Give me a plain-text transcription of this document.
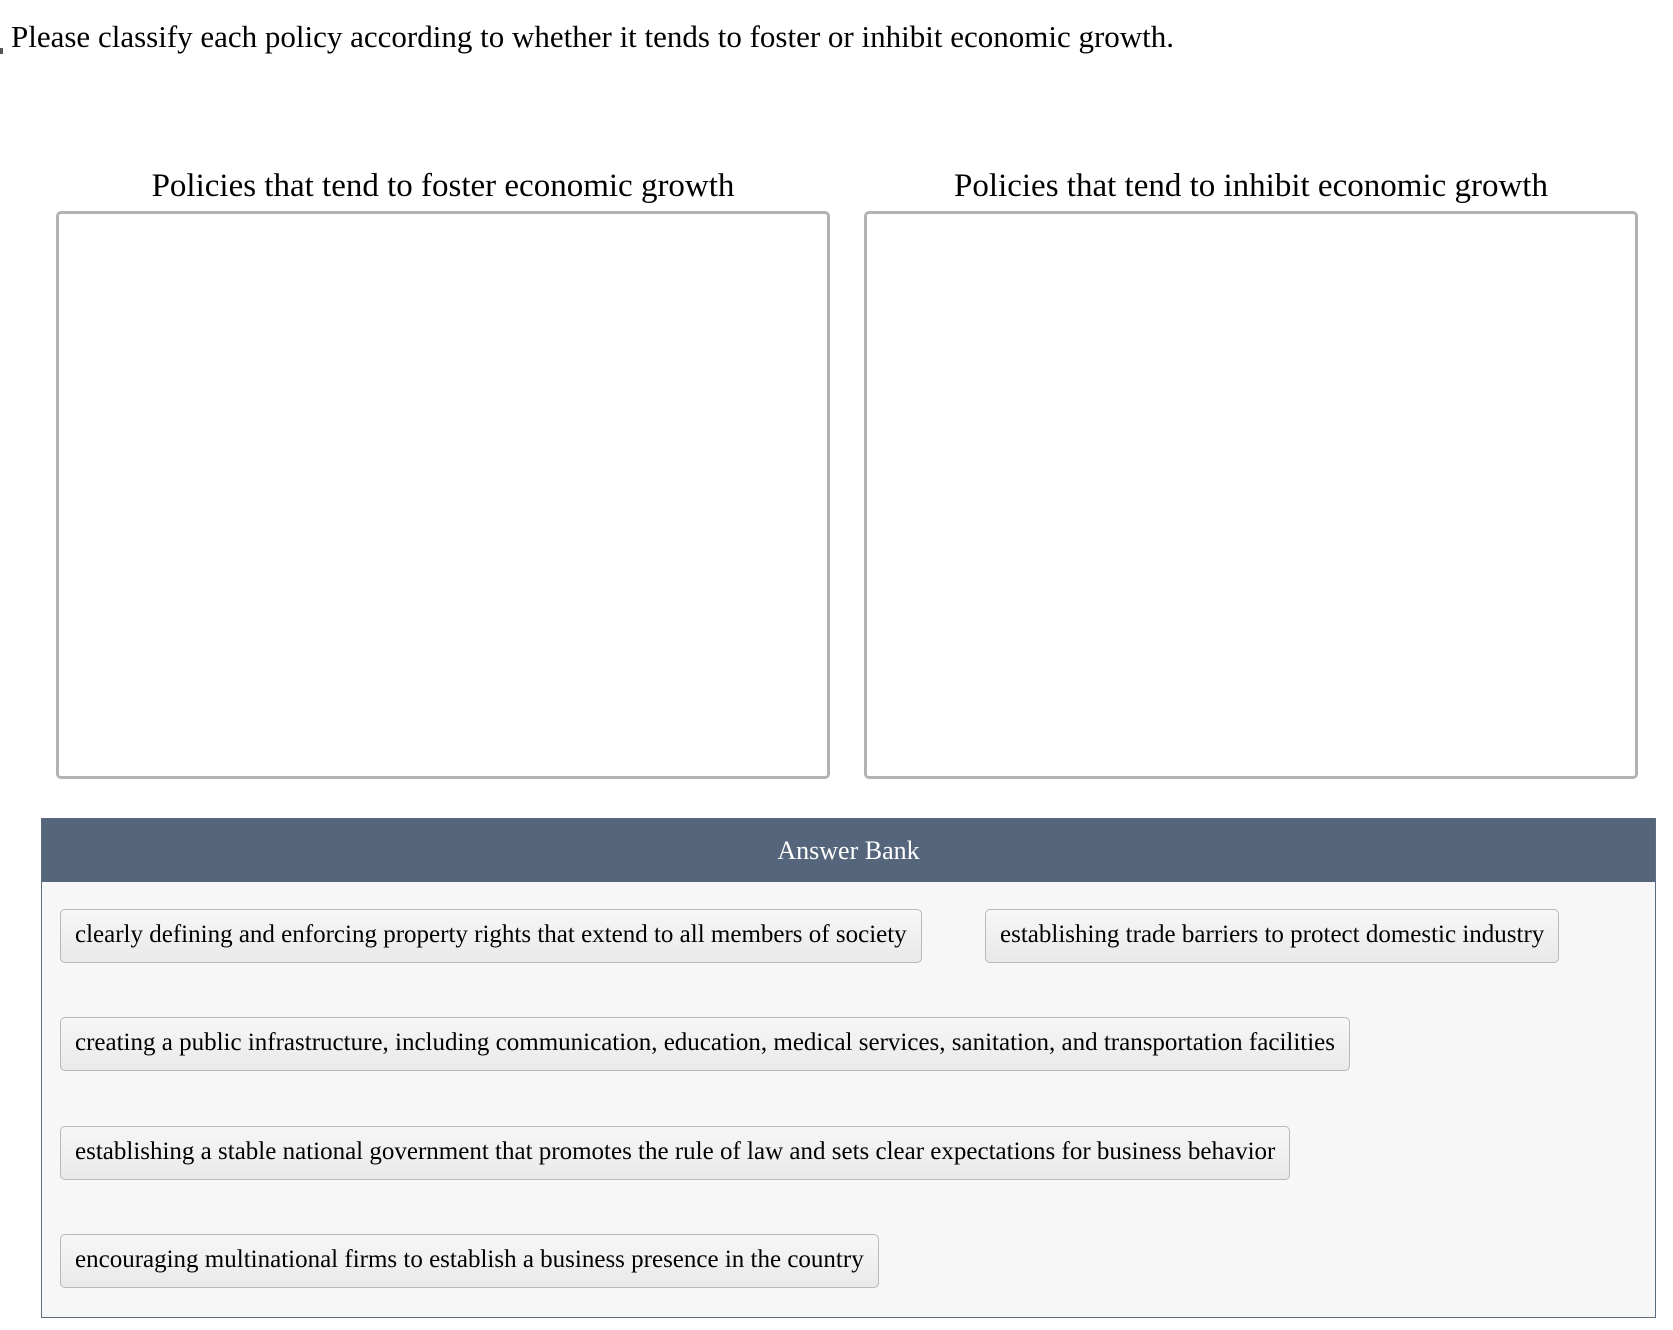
Please classify each policy according to whether it tends to foster or inhibit economic growth.
Policies that tend to foster economic growth	Policies that tend to inhibit economic growth
Answer Bank
clearly defining and enforcing property rights that extend to all members of society	establishing trade barriers to protect domestic industry
creating a public infrastructure, including communication, education, medical services, sanitation, and transportation facilities
establishing a stable national government that promotes the rule of law and sets clear expectations for business behavior
encouraging multinational firms to establish a business presence in the country
